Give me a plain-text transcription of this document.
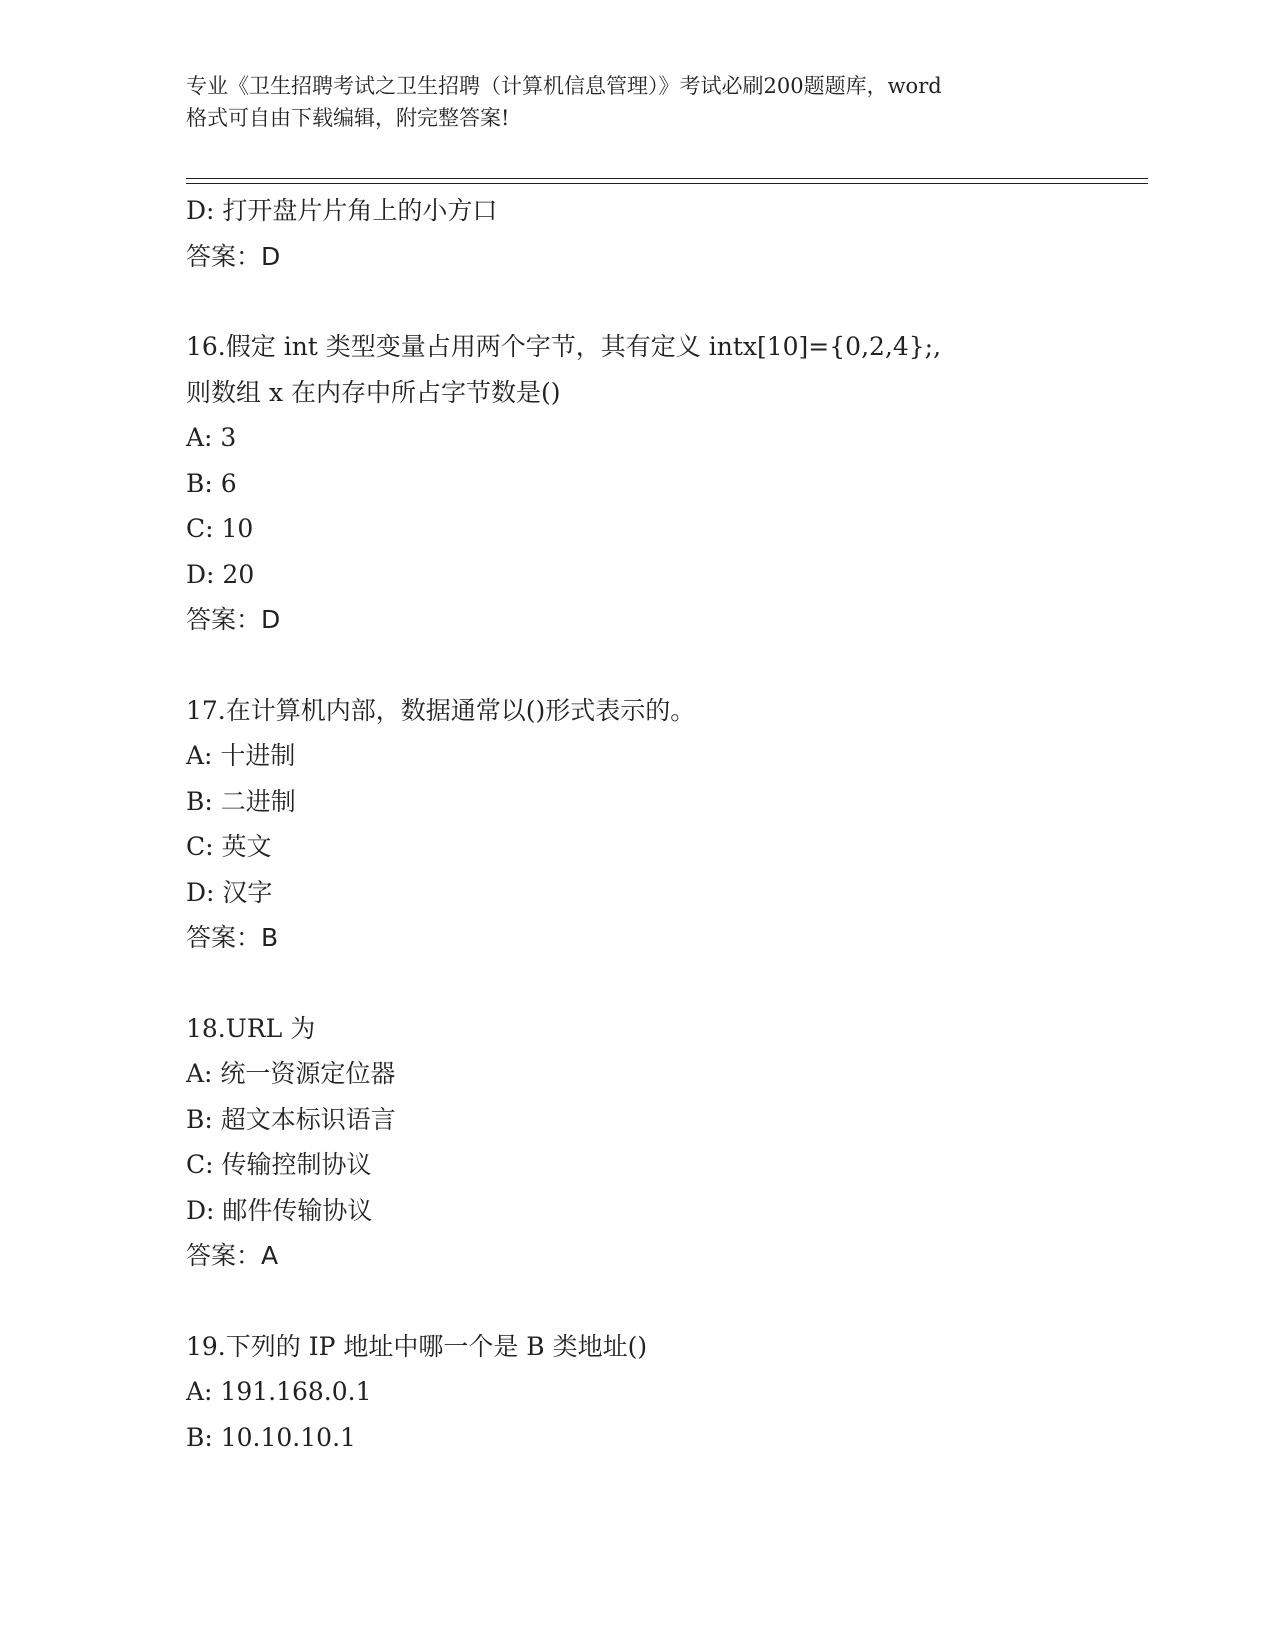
专业《卫生招聘考试之卫生招聘（计算机信息管理）》考试必刷200题题库，word
格式可自由下载编辑，附完整答案!
D: 打开盘片片角上的小方口
答案：D
16.假定 int 类型变量占用两个字节，其有定义 intx[10]={0,2,4};,
则数组 x 在内存中所占字节数是()
A: 3
B: 6
C: 10
D: 20
答案：D
17.在计算机内部，数据通常以()形式表示的。
A: 十进制
B: 二进制
C: 英文
D: 汉字
答案：B
18.URL 为
A: 统一资源定位器
B: 超文本标识语言
C: 传输控制协议
D: 邮件传输协议
答案：A
19.下列的 IP 地址中哪一个是 B 类地址()
A: 191.168.0.1
B: 10.10.10.1
